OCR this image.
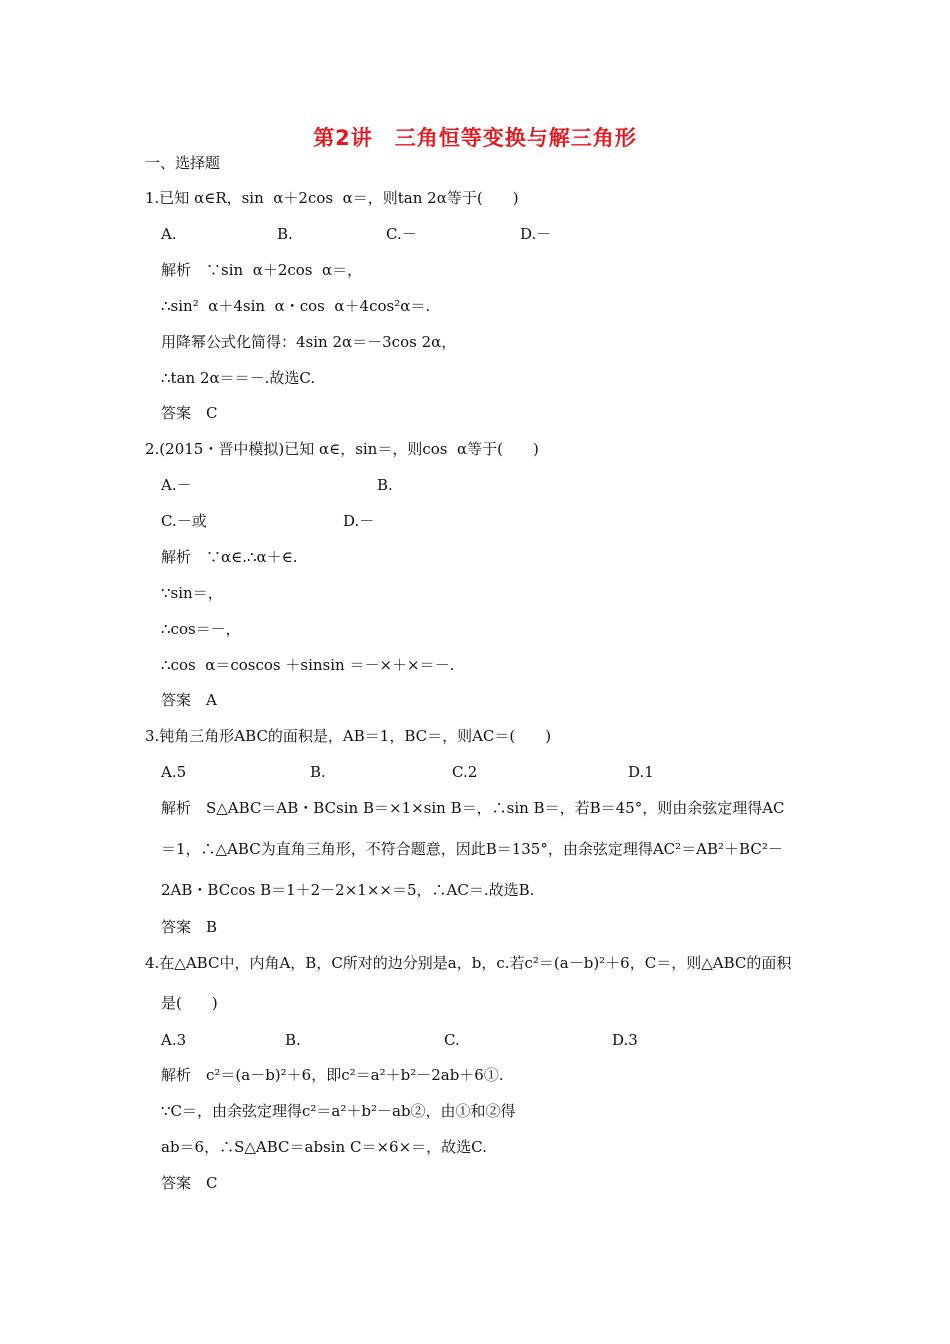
第2讲　三角恒等变换与解三角形
一、选择题
1.已知 α∈R，sin  α＋2cos  α＝，则tan 2α等于(　　)
A.	B.	C.－	D.－
解析　∵sin  α＋2cos  α＝，
∴sin²  α＋4sin  α・cos  α＋4cos²α＝.
用降幂公式化简得：4sin 2α＝－3cos 2α，
∴tan 2α＝＝－.故选C.
答案　C
2.(2015・晋中模拟)已知 α∈，sin＝，则cos  α等于(　　)
A.－	B.
C.－或	D.－
解析　∵α∈.∴α＋∈.
∵sin＝，
∴cos＝－，
∴cos  α＝coscos ＋sinsin ＝－×＋×＝－.
答案　A
3.钝角三角形ABC的面积是，AB＝1，BC＝，则AC＝(　　)
A.5	B.	C.2	D.1
解析　S△ABC＝AB・BCsin B＝×1×sin B＝，∴sin B＝，若B＝45°，则由余弦定理得AC
＝1，∴△ABC为直角三角形，不符合题意，因此B＝135°，由余弦定理得AC²＝AB²＋BC²－
2AB・BCcos B＝1＋2－2×1××＝5，∴AC＝.故选B.
答案　B
4.在△ABC中，内角A，B，C所对的边分别是a，b，c.若c²＝(a－b)²＋6，C＝，则△ABC的面积
是(　　)
A.3	B.	C.	D.3
解析　c²＝(a－b)²＋6，即c²＝a²＋b²－2ab＋6①.
∵C＝，由余弦定理得c²＝a²＋b²－ab②，由①和②得
ab＝6，∴S△ABC＝absin C＝×6×＝，故选C.
答案　C
